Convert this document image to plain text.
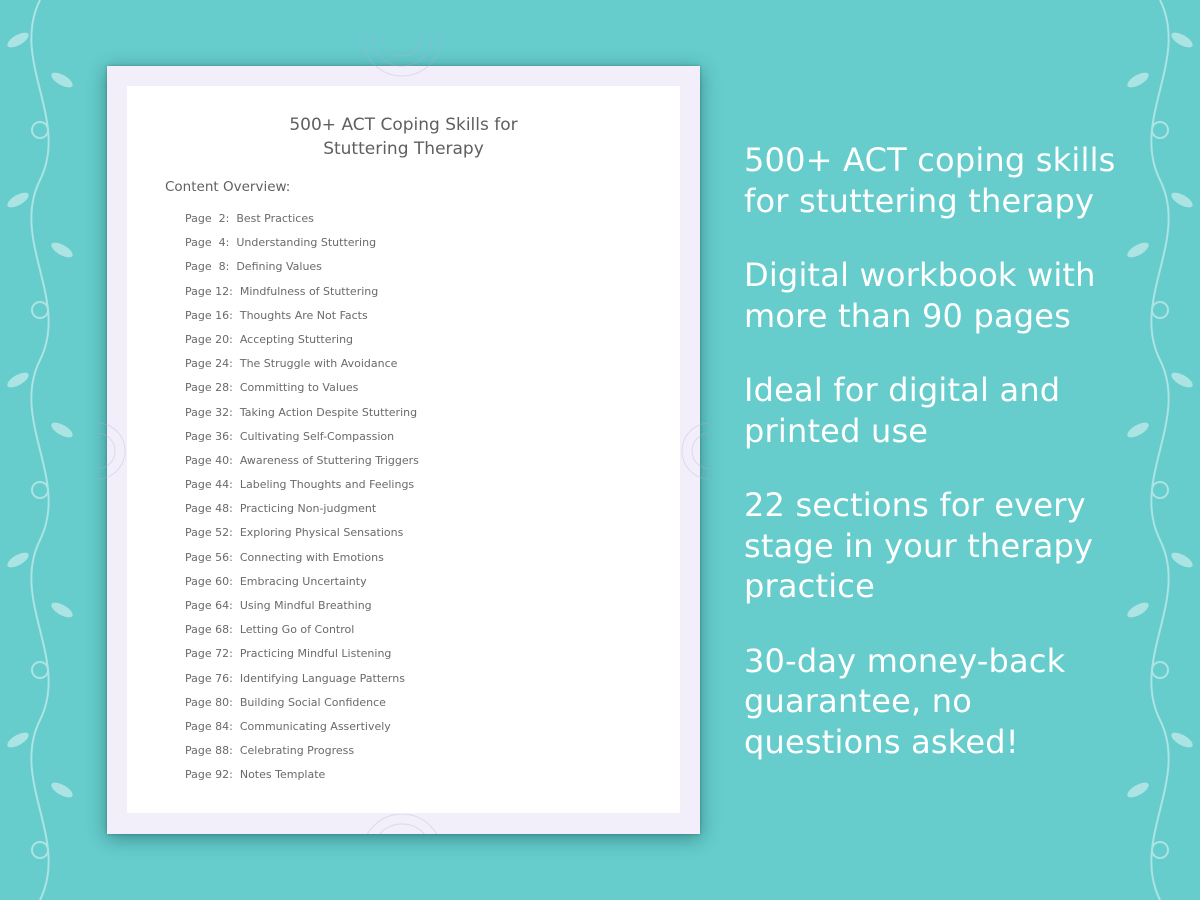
500+ ACT Coping Skills for
Stuttering Therapy
Content Overview:
Page  2: Best Practices
Page  4: Understanding Stuttering
Page  8: Defining Values
Page 12: Mindfulness of Stuttering
Page 16: Thoughts Are Not Facts
Page 20: Accepting Stuttering
Page 24: The Struggle with Avoidance
Page 28: Committing to Values
Page 32: Taking Action Despite Stuttering
Page 36: Cultivating Self-Compassion
Page 40: Awareness of Stuttering Triggers
Page 44: Labeling Thoughts and Feelings
Page 48: Practicing Non-judgment
Page 52: Exploring Physical Sensations
Page 56: Connecting with Emotions
Page 60: Embracing Uncertainty
Page 64: Using Mindful Breathing
Page 68: Letting Go of Control
Page 72: Practicing Mindful Listening
Page 76: Identifying Language Patterns
Page 80: Building Social Confidence
Page 84: Communicating Assertively
Page 88: Celebrating Progress
Page 92: Notes Template
500+ ACT coping skills
for stuttering therapy
Digital workbook with
more than 90 pages
Ideal for digital and
printed use
22 sections for every
stage in your therapy
practice
30-day money-back
guarantee, no
questions asked!
